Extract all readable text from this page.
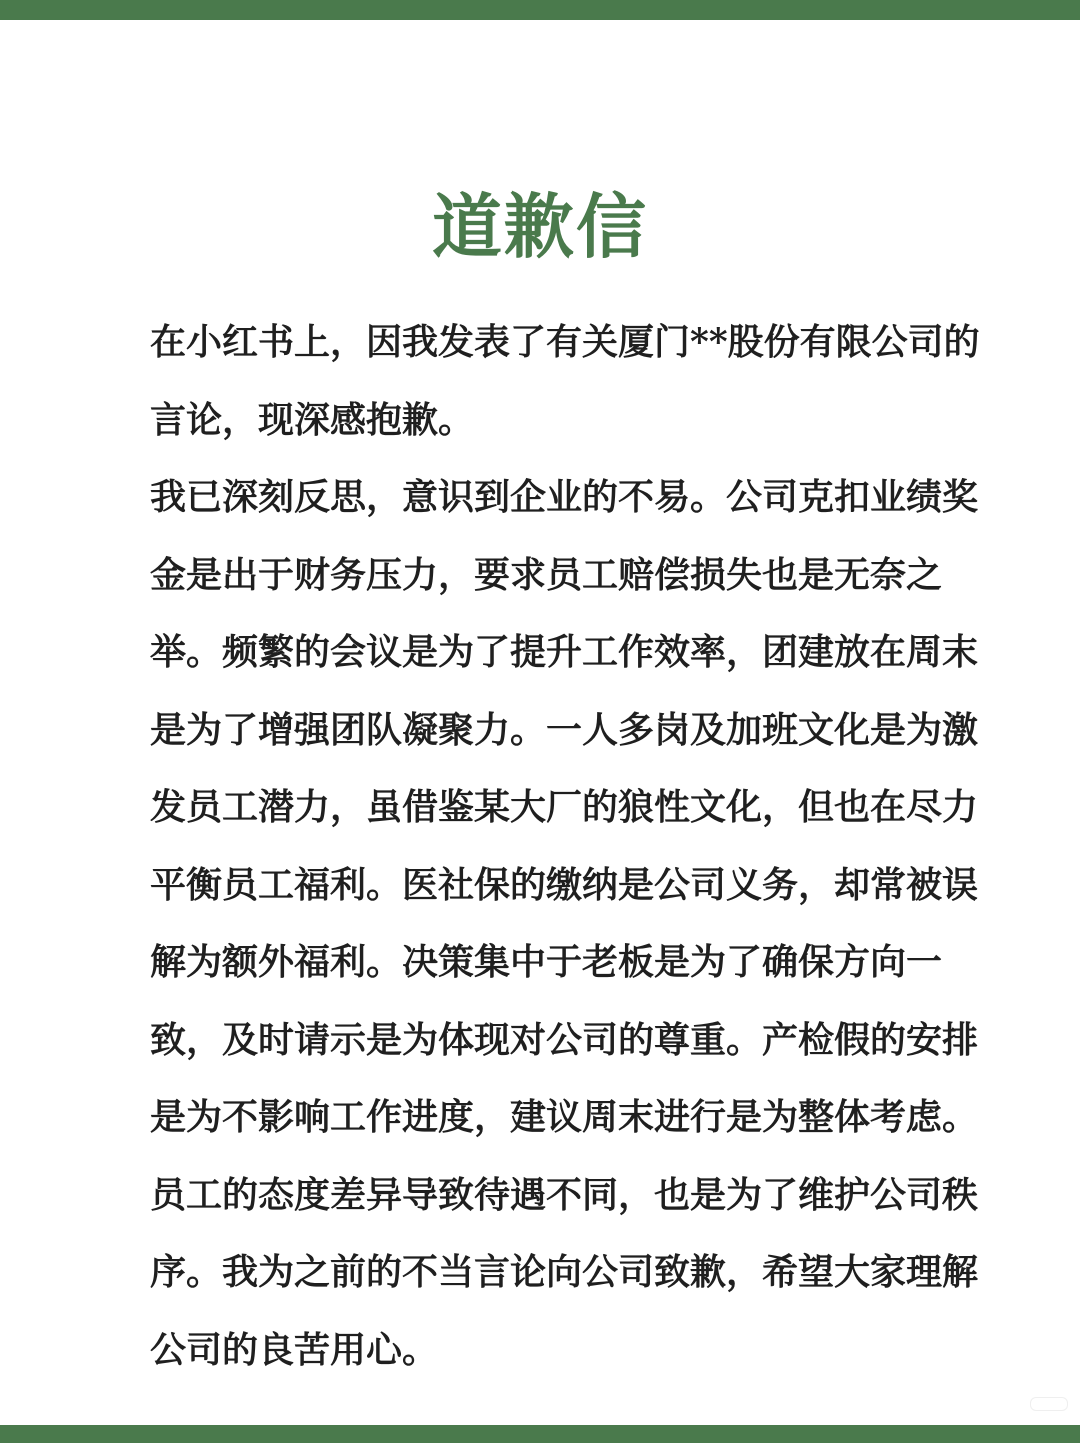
道歉信

在小红书上，因我发表了有关厦门**股份有限公司的言论，现深感抱歉。

我已深刻反思，意识到企业的不易。公司克扣业绩奖金是出于财务压力，要求员工赔偿损失也是无奈之举。频繁的会议是为了提升工作效率，团建放在周末是为了增强团队凝聚力。一人多岗及加班文化是为激发员工潜力，虽借鉴某大厂的狼性文化，但也在尽力平衡员工福利。医社保的缴纳是公司义务，却常被误解为额外福利。决策集中于老板是为了确保方向一致，及时请示是为体现对公司的尊重。产检假的安排是为不影响工作进度，建议周末进行是为整体考虑。员工的态度差异导致待遇不同，也是为了维护公司秩序。我为之前的不当言论向公司致歉，希望大家理解公司的良苦用心。
